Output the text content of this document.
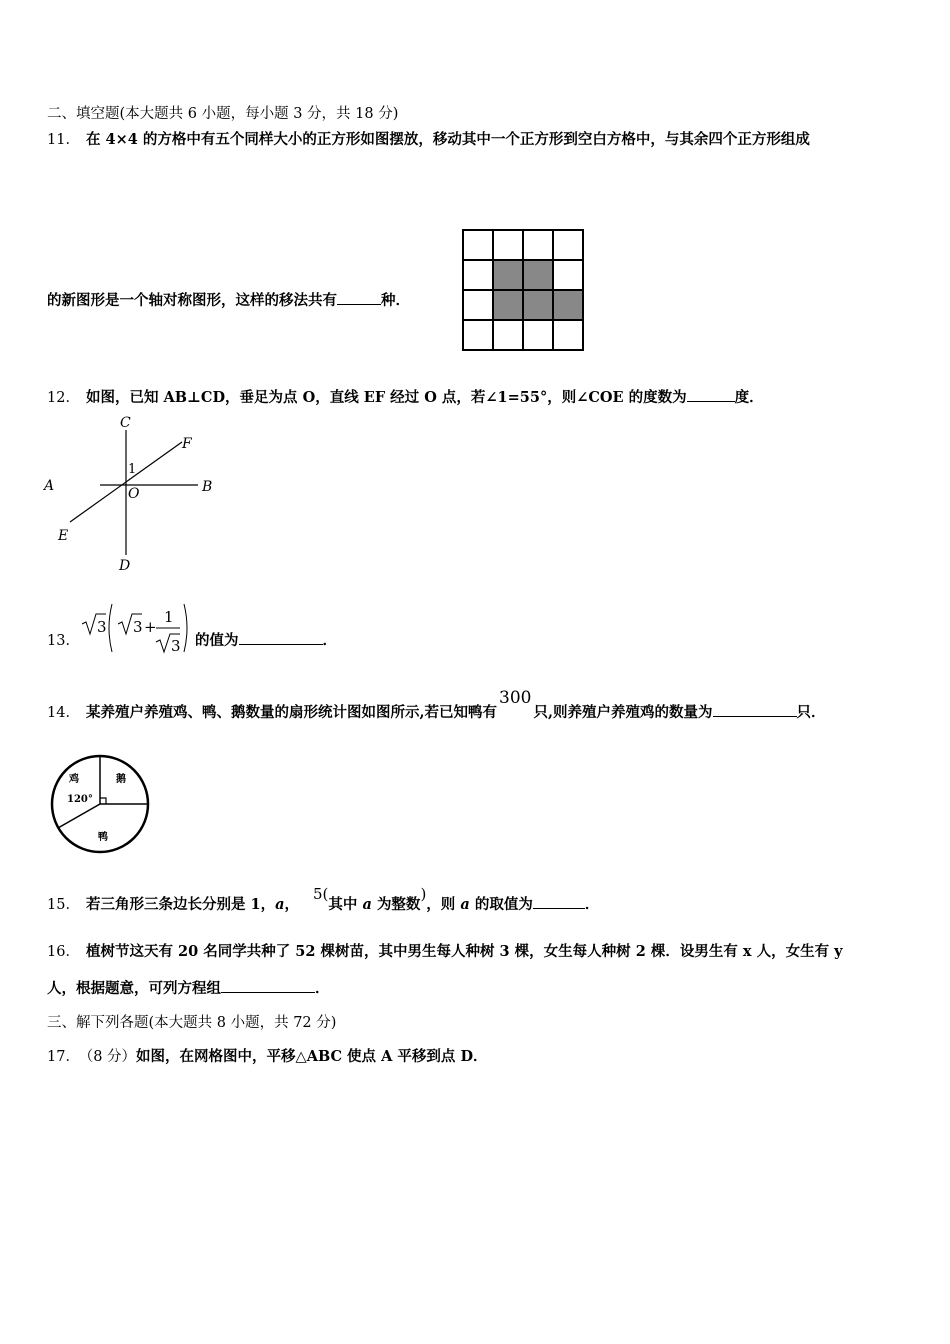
二、填空题(本大题共 6 小题，每小题 3 分，共 18 分)
11． 在 4×4 的方格中有五个同样大小的正方形如图摆放，移动其中一个正方形到空白方格中，与其余四个正方形组成
的新图形是一个轴对称图形，这样的移法共有	种．
12． 如图，已知 AB⊥CD，垂足为点 O，直线 EF 经过 O 点，若∠1=55°，则∠COE 的度数为	度．
C
F
A	B
O
E
D
1
13．
3 3 +
1
3 的值为	．
14． 某养殖户养殖鸡、鸭、鹅数量的扇形统计图如图所示,若已知鸭有300只,则养殖户养殖鸡的数量为	只．
鸡	鹅
鸭
120°
15． 若三角形三条边长分别是 1，a，5(其中 a 为整数)，则 a 的取值为	．
16． 植树节这天有 20 名同学共种了 52 棵树苗，其中男生每人种树 3 棵，女生每人种树 2 棵．设男生有 x 人，女生有 y
人，根据题意，可列方程组	．
三、解下列各题(本大题共 8 小题，共 72 分)
17． （8 分）如图，在网格图中，平移△ABC 使点 A 平移到点 D．
